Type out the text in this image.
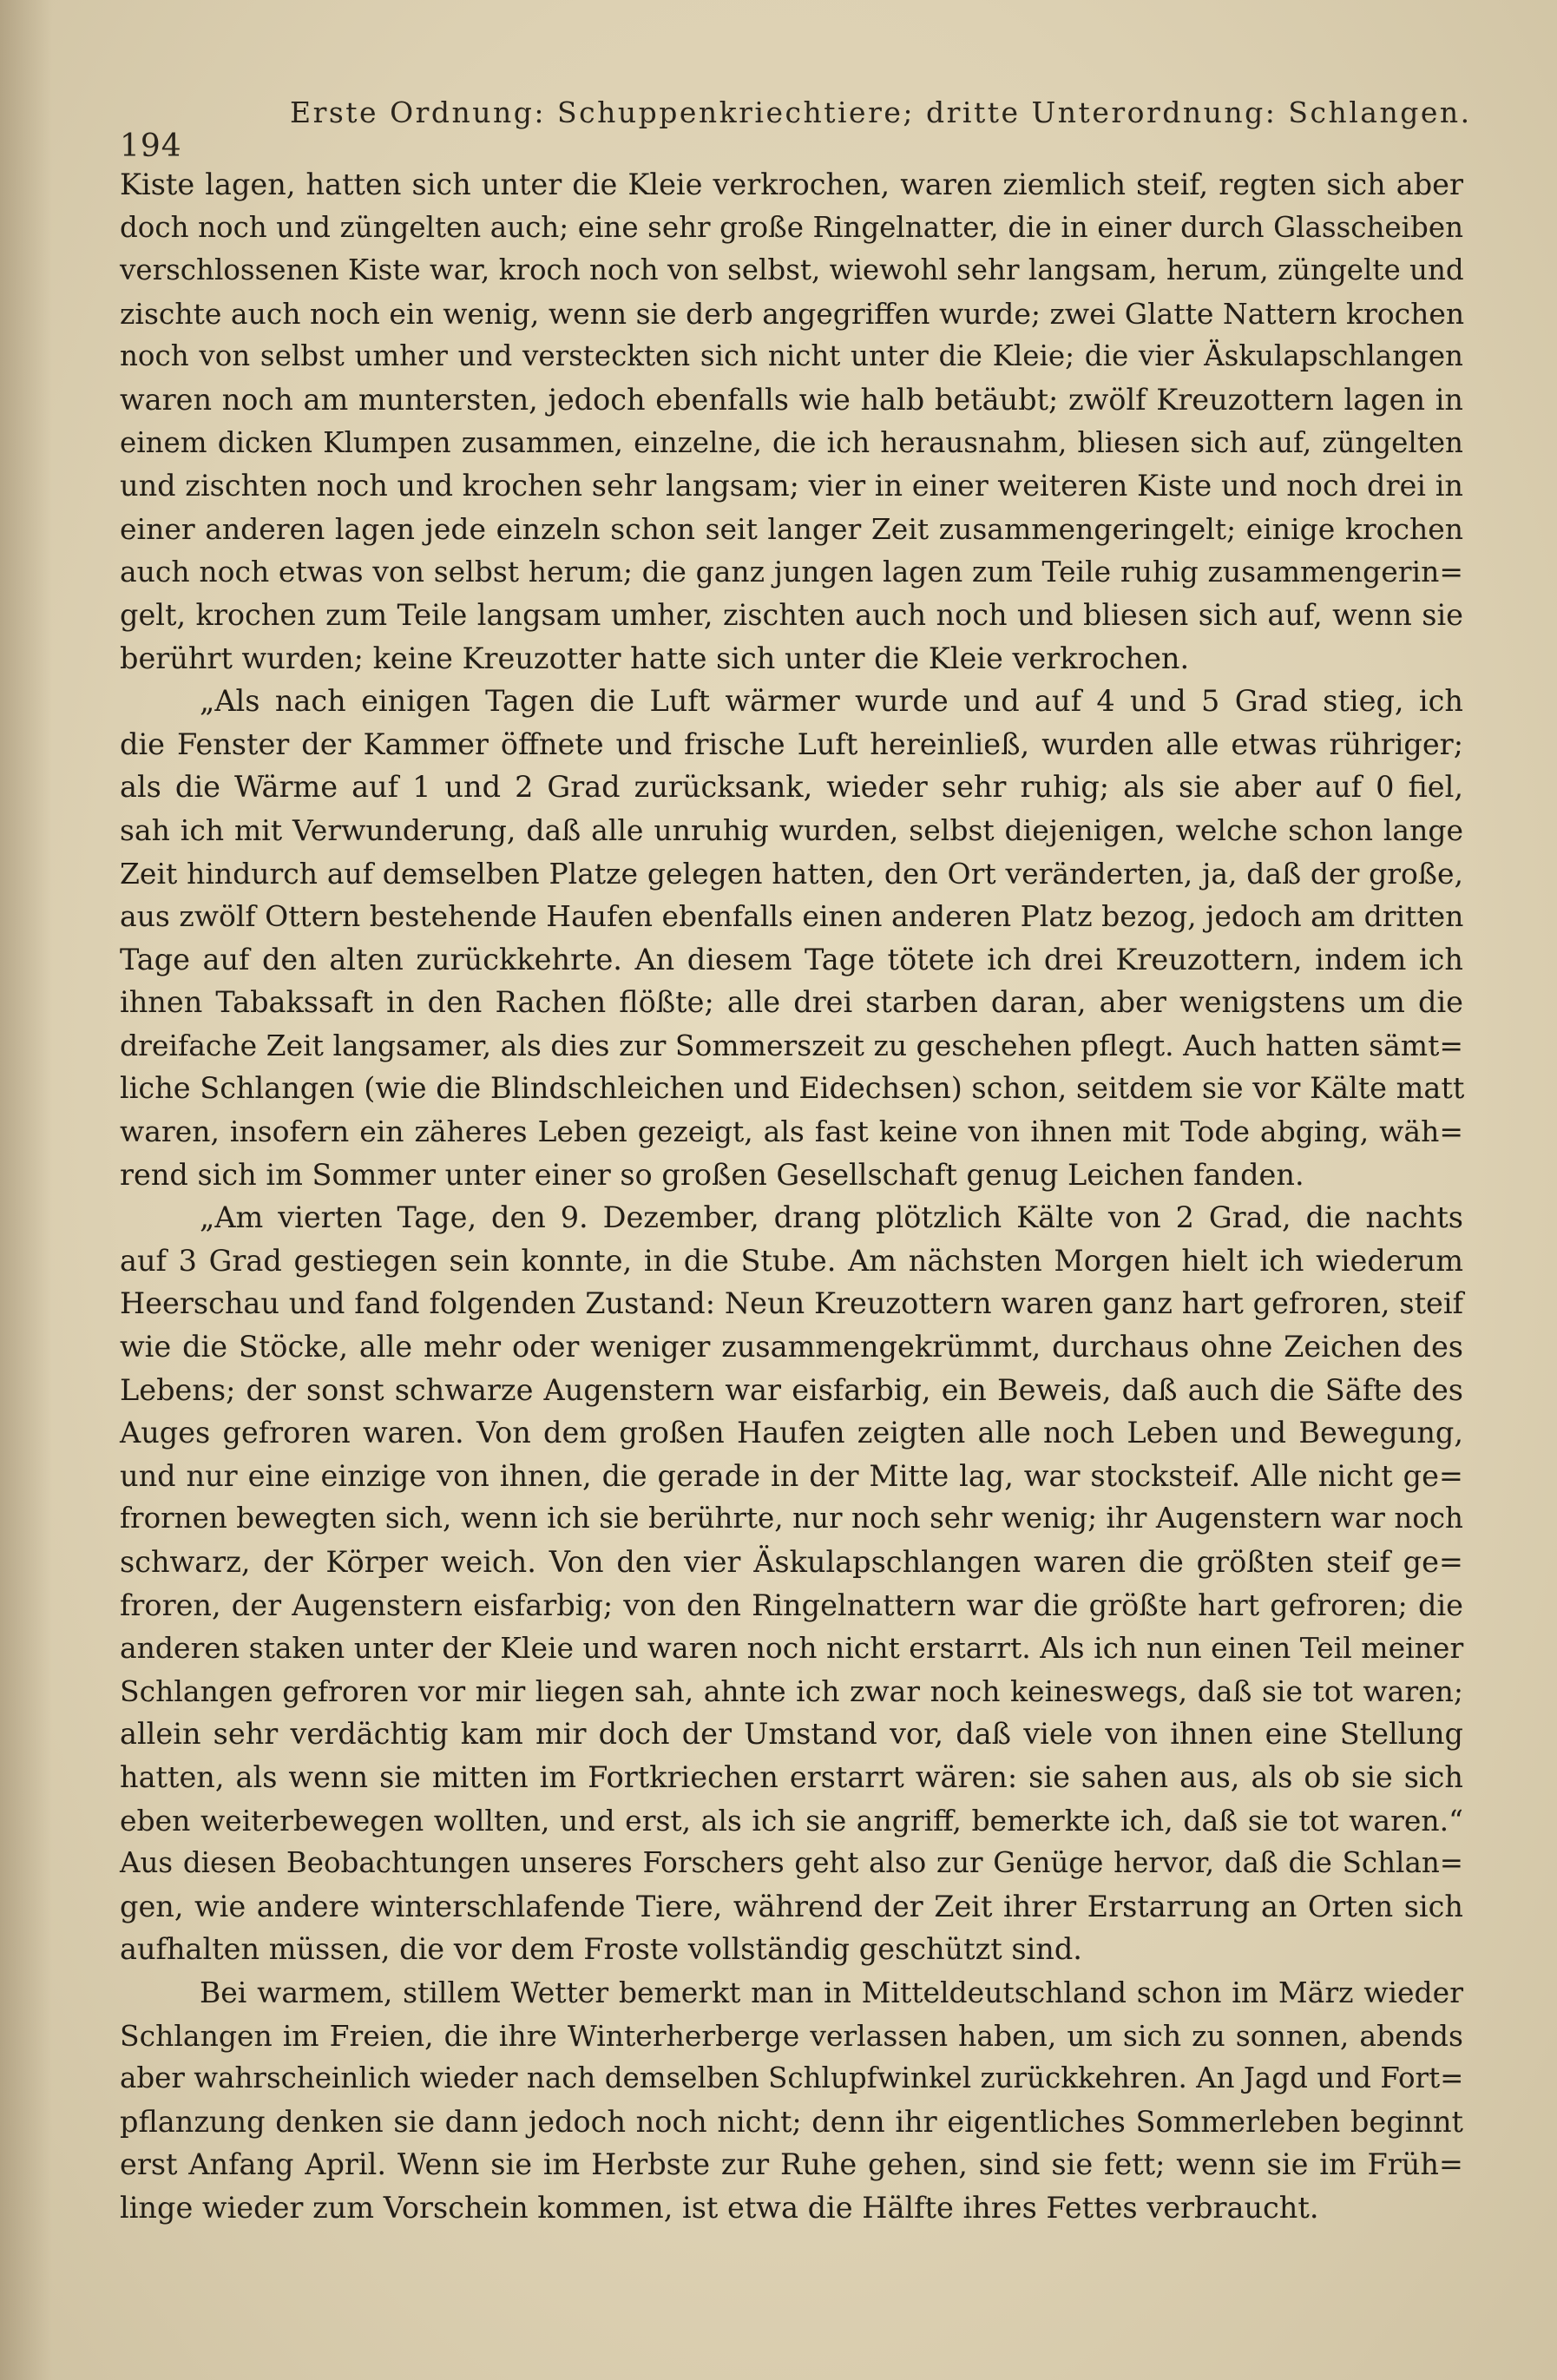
194
Erste Ordnung: Schuppenkriechtiere; dritte Unterordnung: Schlangen.
Kiste lagen, hatten sich unter die Kleie verkrochen, waren ziemlich steif, regten sich aber
doch noch und züngelten auch; eine sehr große Ringelnatter, die in einer durch Glasscheiben
verschlossenen Kiste war, kroch noch von selbst, wiewohl sehr langsam, herum, züngelte und
zischte auch noch ein wenig, wenn sie derb angegriffen wurde; zwei Glatte Nattern krochen
noch von selbst umher und versteckten sich nicht unter die Kleie; die vier Äskulapschlangen
waren noch am muntersten, jedoch ebenfalls wie halb betäubt; zwölf Kreuzottern lagen in
einem dicken Klumpen zusammen, einzelne, die ich herausnahm, bliesen sich auf, züngelten
und zischten noch und krochen sehr langsam; vier in einer weiteren Kiste und noch drei in
einer anderen lagen jede einzeln schon seit langer Zeit zusammengeringelt; einige krochen
auch noch etwas von selbst herum; die ganz jungen lagen zum Teile ruhig zusammengerin=
gelt, krochen zum Teile langsam umher, zischten auch noch und bliesen sich auf, wenn sie
berührt wurden; keine Kreuzotter hatte sich unter die Kleie verkrochen.
„Als nach einigen Tagen die Luft wärmer wurde und auf 4 und 5 Grad stieg, ich
die Fenster der Kammer öffnete und frische Luft hereinließ, wurden alle etwas rühriger;
als die Wärme auf 1 und 2 Grad zurücksank, wieder sehr ruhig; als sie aber auf 0 fiel,
sah ich mit Verwunderung, daß alle unruhig wurden, selbst diejenigen, welche schon lange
Zeit hindurch auf demselben Platze gelegen hatten, den Ort veränderten, ja, daß der große,
aus zwölf Ottern bestehende Haufen ebenfalls einen anderen Platz bezog, jedoch am dritten
Tage auf den alten zurückkehrte. An diesem Tage tötete ich drei Kreuzottern, indem ich
ihnen Tabakssaft in den Rachen flößte; alle drei starben daran, aber wenigstens um die
dreifache Zeit langsamer, als dies zur Sommerszeit zu geschehen pflegt. Auch hatten sämt=
liche Schlangen (wie die Blindschleichen und Eidechsen) schon, seitdem sie vor Kälte matt
waren, insofern ein zäheres Leben gezeigt, als fast keine von ihnen mit Tode abging, wäh=
rend sich im Sommer unter einer so großen Gesellschaft genug Leichen fanden.
„Am vierten Tage, den 9. Dezember, drang plötzlich Kälte von 2 Grad, die nachts
auf 3 Grad gestiegen sein konnte, in die Stube. Am nächsten Morgen hielt ich wiederum
Heerschau und fand folgenden Zustand: Neun Kreuzottern waren ganz hart gefroren, steif
wie die Stöcke, alle mehr oder weniger zusammengekrümmt, durchaus ohne Zeichen des
Lebens; der sonst schwarze Augenstern war eisfarbig, ein Beweis, daß auch die Säfte des
Auges gefroren waren. Von dem großen Haufen zeigten alle noch Leben und Bewegung,
und nur eine einzige von ihnen, die gerade in der Mitte lag, war stocksteif. Alle nicht ge=
frornen bewegten sich, wenn ich sie berührte, nur noch sehr wenig; ihr Augenstern war noch
schwarz, der Körper weich. Von den vier Äskulapschlangen waren die größten steif ge=
froren, der Augenstern eisfarbig; von den Ringelnattern war die größte hart gefroren; die
anderen staken unter der Kleie und waren noch nicht erstarrt. Als ich nun einen Teil meiner
Schlangen gefroren vor mir liegen sah, ahnte ich zwar noch keineswegs, daß sie tot waren;
allein sehr verdächtig kam mir doch der Umstand vor, daß viele von ihnen eine Stellung
hatten, als wenn sie mitten im Fortkriechen erstarrt wären: sie sahen aus, als ob sie sich
eben weiterbewegen wollten, und erst, als ich sie angriff, bemerkte ich, daß sie tot waren.“
Aus diesen Beobachtungen unseres Forschers geht also zur Genüge hervor, daß die Schlan=
gen, wie andere winterschlafende Tiere, während der Zeit ihrer Erstarrung an Orten sich
aufhalten müssen, die vor dem Froste vollständig geschützt sind.
Bei warmem, stillem Wetter bemerkt man in Mitteldeutschland schon im März wieder
Schlangen im Freien, die ihre Winterherberge verlassen haben, um sich zu sonnen, abends
aber wahrscheinlich wieder nach demselben Schlupfwinkel zurückkehren. An Jagd und Fort=
pflanzung denken sie dann jedoch noch nicht; denn ihr eigentliches Sommerleben beginnt
erst Anfang April. Wenn sie im Herbste zur Ruhe gehen, sind sie fett; wenn sie im Früh=
linge wieder zum Vorschein kommen, ist etwa die Hälfte ihres Fettes verbraucht.
